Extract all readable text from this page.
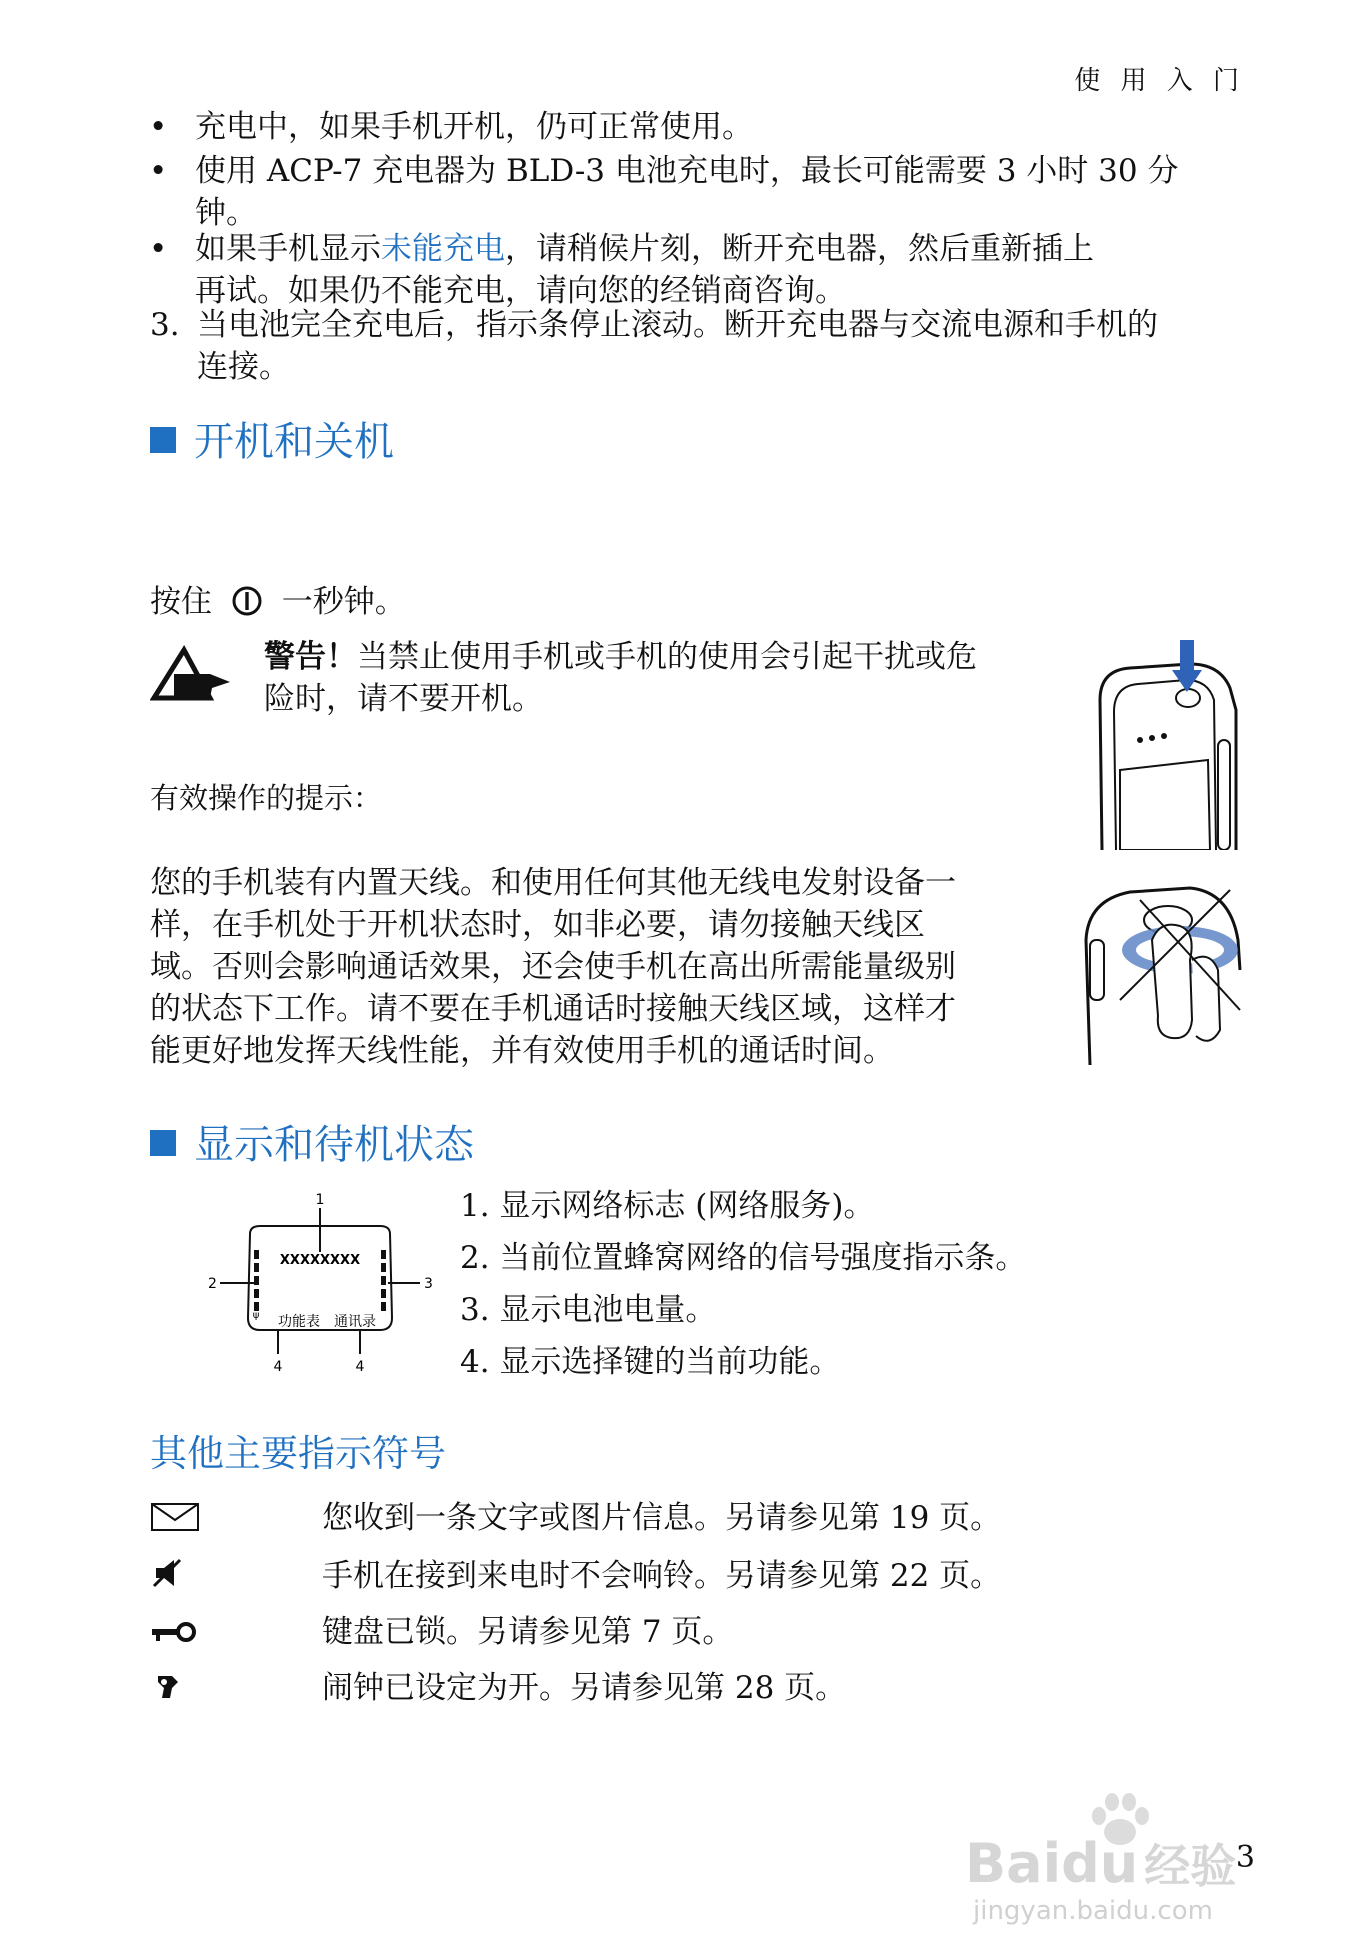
使 用 入 门
• 充电中，如果手机开机，仍可正常使用。
• 使用 ACP-7 充电器为 BLD-3 电池充电时，最长可能需要 3 小时 30 分
钟。
• 如果手机显示未能充电，请稍候片刻，断开充电器，然后重新插上
再试。如果仍不能充电，请向您的经销商咨询。
3. 当电池完全充电后，指示条停止滚动。断开充电器与交流电源和手机的
连接。
开机和关机
按住 一秒钟。
警告！当禁止使用手机或手机的使用会引起干扰或危
险时，请不要开机。
有效操作的提示：
您的手机装有内置天线。和使用任何其他无线电发射设备一
样，在手机处于开机状态时，如非必要，请勿接触天线区
域。否则会影响通话效果，还会使手机在高出所需能量级别
的状态下工作。请不要在手机通话时接触天线区域，这样才
能更好地发挥天线性能，并有效使用手机的通话时间。
显示和待机状态
XXXXXXXX
ψ 功能表 通讯录
1
2	3
4	4
1. 显示网络标志 (网络服务)。
2. 当前位置蜂窝网络的信号强度指示条。
3. 显示电池电量。
4. 显示选择键的当前功能。
其他主要指示符号
您收到一条文字或图片信息。另请参见第 19 页。
手机在接到来电时不会响铃。另请参见第 22 页。
键盘已锁。另请参见第 7 页。
闹钟已设定为开。另请参见第 28 页。
Baidu 经验
jingyan.baidu.com
3
